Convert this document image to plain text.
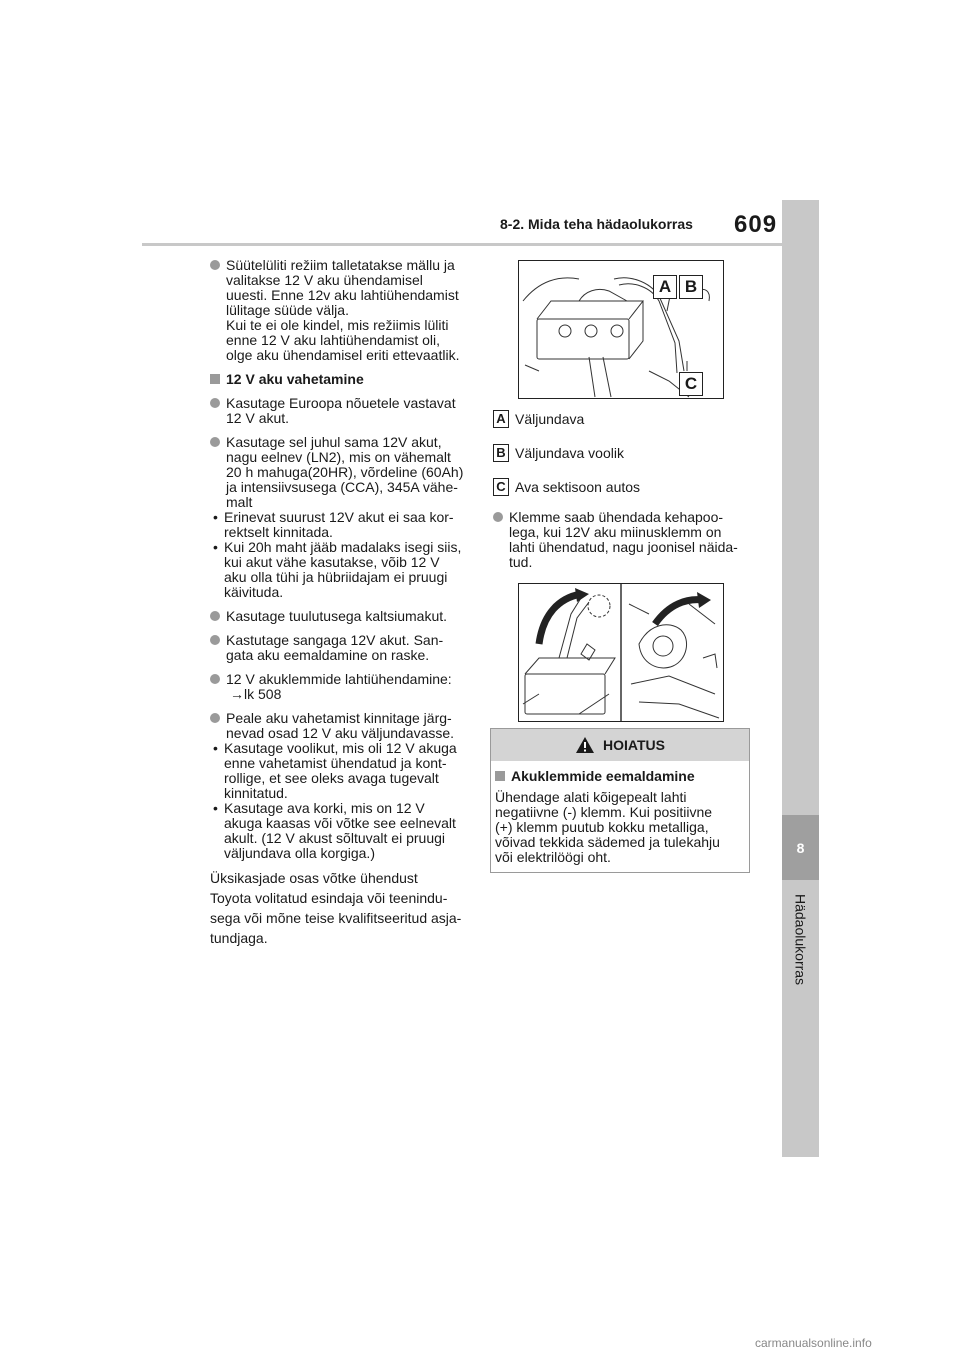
8-2. Mida teha hädaolukorras 609
8
Hädaolukorras
Süütelüliti režiim talletatakse mällu ja
valitakse 12 V aku ühendamisel
uuesti. Enne 12v aku lahtiühendamist
lülitage süüde välja.
Kui te ei ole kindel, mis režiimis lüliti
enne 12 V aku lahtiühendamist oli,
olge aku ühendamisel eriti ettevaatlik.
12 V aku vahetamine
Kasutage Euroopa nõuetele vastavat
12 V akut.
Kasutage sel juhul sama 12V akut,
nagu eelnev (LN2), mis on vähemalt
20 h mahuga(20HR), võrdeline (60Ah)
ja intensiivsusega (CCA), 345A vähe-
malt
• Erinevat suurust 12V akut ei saa kor-
rektselt kinnitada.
• Kui 20h maht jääb madalaks isegi siis,
kui akut vähe kasutakse, võib 12 V
aku olla tühi ja hübriidajam ei pruugi
käivituda.
Kasutage tuulutusega kaltsiumakut.
Kastutage sangaga 12V akut. San-
gata aku eemaldamine on raske.
12 V akuklemmide lahtiühendamine:
→lk 508
Peale aku vahetamist kinnitage järg-
nevad osad 12 V aku väljundavasse.
• Kasutage voolikut, mis oli 12 V akuga
enne vahetamist ühendatud ja kont-
rollige, et see oleks avaga tugevalt
kinnitatud.
• Kasutage ava korki, mis on 12 V
akuga kaasas või võtke see eelnevalt
akult. (12 V akust sõltuvalt ei pruugi
väljundava olla korgiga.)
Üksikasjade osas võtke ühendust
Toyota volitatud esindaja või teenindu-
sega või mõne teise kvalifitseeritud asja-
tundjaga.
A B
C
A Väljundava
B Väljundava voolik
C Ava sektisoon autos
Klemme saab ühendada kehapoo-
lega, kui 12V aku miinusklemm on
lahti ühendatud, nagu joonisel näida-
tud.
HOIATUS
Akuklemmide eemaldamine
Ühendage alati kõigepealt lahti
negatiivne (-) klemm. Kui positiivne
(+) klemm puutub kokku metalliga,
võivad tekkida sädemed ja tulekahju
või elektrilöögi oht.
carmanualsonline.info
